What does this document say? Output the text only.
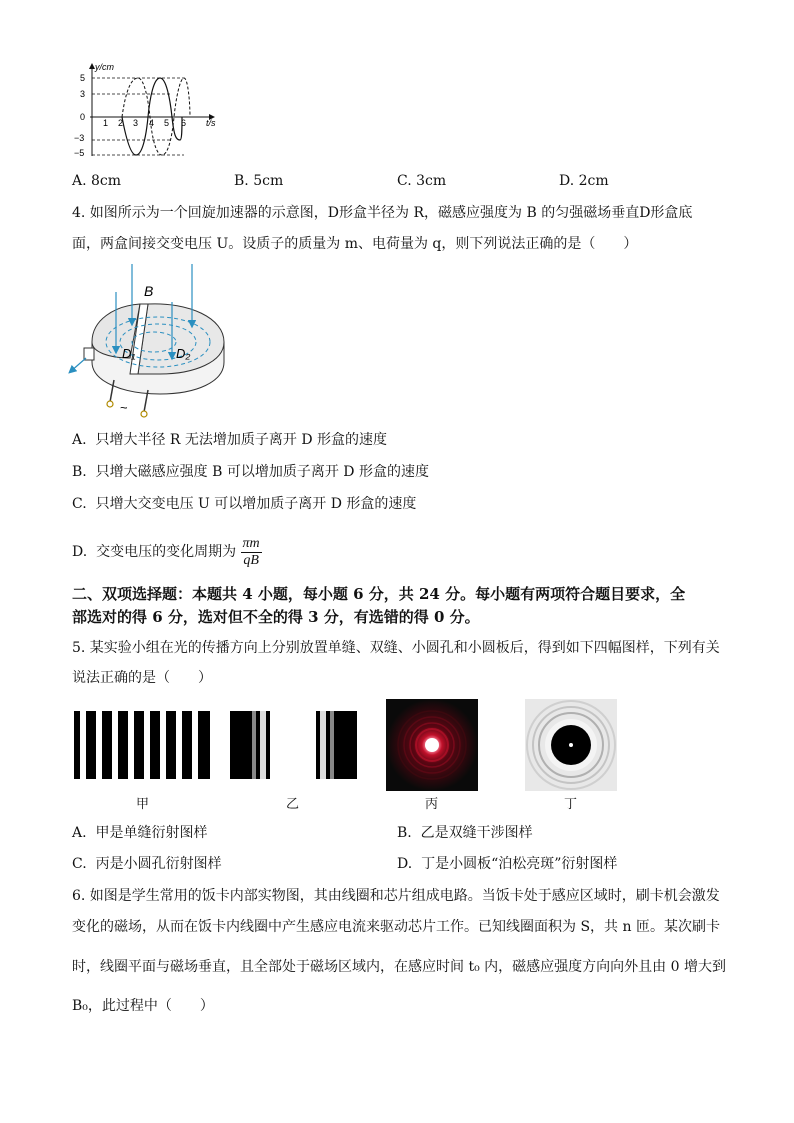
y/cm
t/s
5
3
0
−3
−5
1 2 3 4 5 6
A. 8cm	B. 5cm	C. 3cm	D. 2cm
4. 如图所示为一个回旋加速器的示意图，D形盒半径为 R，磁感应强度为 B 的匀强磁场垂直D形盒底
面，两盒间接交变电压 U。设质子的质量为 m、电荷量为 q，则下列说法正确的是（　　）
B
D₁	D₂
~
A. 只增大半径 R 无法增加质子离开 D 形盒的速度
B. 只增大磁感应强度 B 可以增加质子离开 D 形盒的速度
C. 只增大交变电压 U 可以增加质子离开 D 形盒的速度
D. 交变电压的变化周期为 $\frac{\pi m}{qB}$
二、双项选择题：本题共 4 小题，每小题 6 分，共 24 分。每小题有两项符合题目要求，全
部选对的得 6 分，选对但不全的得 3 分，有选错的得 0 分。
5. 某实验小组在光的传播方向上分别放置单缝、双缝、小圆孔和小圆板后，得到如下四幅图样，下列有关
说法正确的是（　　）
甲	乙	丙	丁
A. 甲是单缝衍射图样	B. 乙是双缝干涉图样
C. 丙是小圆孔衍射图样	D. 丁是小圆板“泊松亮斑”衍射图样
6. 如图是学生常用的饭卡内部实物图，其由线圈和芯片组成电路。当饭卡处于感应区域时，刷卡机会激发
变化的磁场，从而在饭卡内线圈中产生感应电流来驱动芯片工作。已知线圈面积为 S，共 n 匝。某次刷卡
时，线圈平面与磁场垂直，且全部处于磁场区域内，在感应时间 t₀ 内，磁感应强度方向向外且由 0 增大到
B₀，此过程中（　　）
